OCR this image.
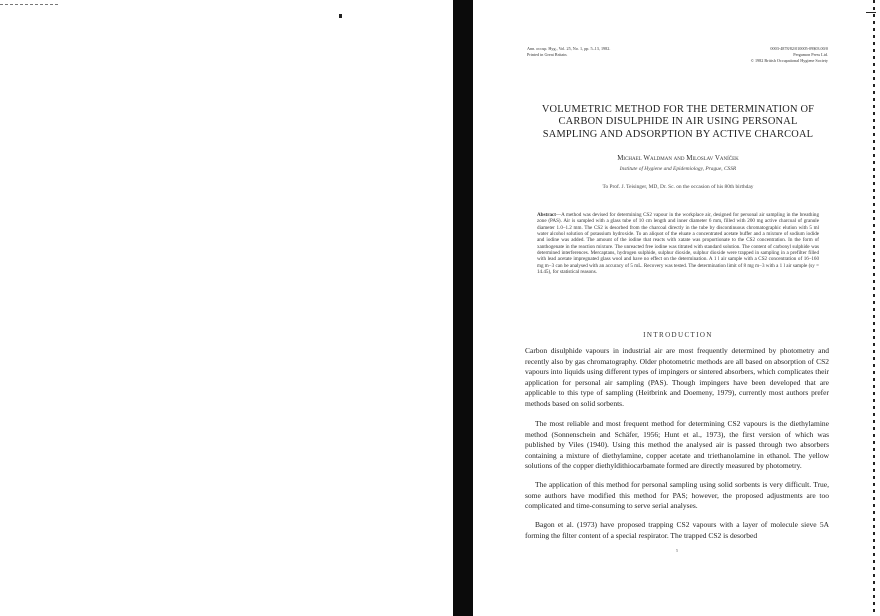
Ann. occup. Hyg., Vol. 25, No. 1, pp. 5–13, 1982.
Printed in Great Britain.
0003-4878/82/010005-09$03.00/0
Pergamon Press Ltd.
© 1982 British Occupational Hygiene Society
VOLUMETRIC METHOD FOR THE DETERMINATION OF
CARBON DISULPHIDE IN AIR USING PERSONAL
SAMPLING AND ADSORPTION BY ACTIVE CHARCOAL
Michael Waldman and Miloslav Vaníček
Institute of Hygiene and Epidemiology, Prague, CSSR
To Prof. J. Teisinger, MD, Dr. Sc. on the occasion of his 80th birthday

Abstract—A method was devised for determining CS2 vapour in the workplace air, designed for personal air sampling in the breathing zone (PAS). Air is sampled with a glass tube of 10 cm length and inner diameter 6 mm, filled with 200 mg active charcoal of granule diameter 1.0–1.2 mm. The CS2 is desorbed from the charcoal directly in the tube by discontinuous chromatographic elution with 5 ml water alcohol solution of potassium hydroxide. To an aliquot of the eluate a concentrated acetate buffer and a mixture of sodium iodide and iodine was added. The amount of the iodine that reacts with xatate was proportionate to the CS2 concentration. In the form of xanthogenate in the reaction mixture. The unreacted free iodine was titrated with standard solution. The content of carbonyl sulphide was determined interferences. Mercaptans, hydrogen sulphide, sulphur dioxide, sulphur dioxide were trapped in sampling in a prefilter filled with lead acetate impregnated glass wool and have no effect on the determination. A 1 l air sample with a CS2 concentration of 16–160 mg m−3 can be analysed with an accuracy of 5 mL. Recovery was tested. The determination limit of 8 mg m−3 with a 1 l air sample (sy = 14.45), for statistical reasons.

INTRODUCTION

Carbon disulphide vapours in industrial air are most frequently determined by photometry and recently also by gas chromatography. Older photometric methods are all based on absorption of CS2 vapours into liquids using different types of impingers or sintered absorbers, which complicates their application for personal air sampling (PAS). Though impingers have been developed that are applicable to this type of sampling (Heitbrink and Doemeny, 1979), currently most authors prefer methods based on solid sorbents.

The most reliable and most frequent method for determining CS2 vapours is the diethylamine method (Sonnenschein and Schäfer, 1956; Hunt et al., 1973), the first version of which was published by Viles (1940). Using this method the analysed air is passed through two absorbers containing a mixture of diethylamine, copper acetate and triethanolamine in ethanol. The yellow solutions of the copper diethyldithiocarbamate formed are directly measured by photometry.

The application of this method for personal sampling using solid sorbents is very difficult. True, some authors have modified this method for PAS; however, the proposed adjustments are too complicated and time-consuming to serve serial analyses.

Bagon et al. (1973) have proposed trapping CS2 vapours with a layer of molecule sieve 5A forming the filter content of a special respirator. The trapped CS2 is desorbed

5
